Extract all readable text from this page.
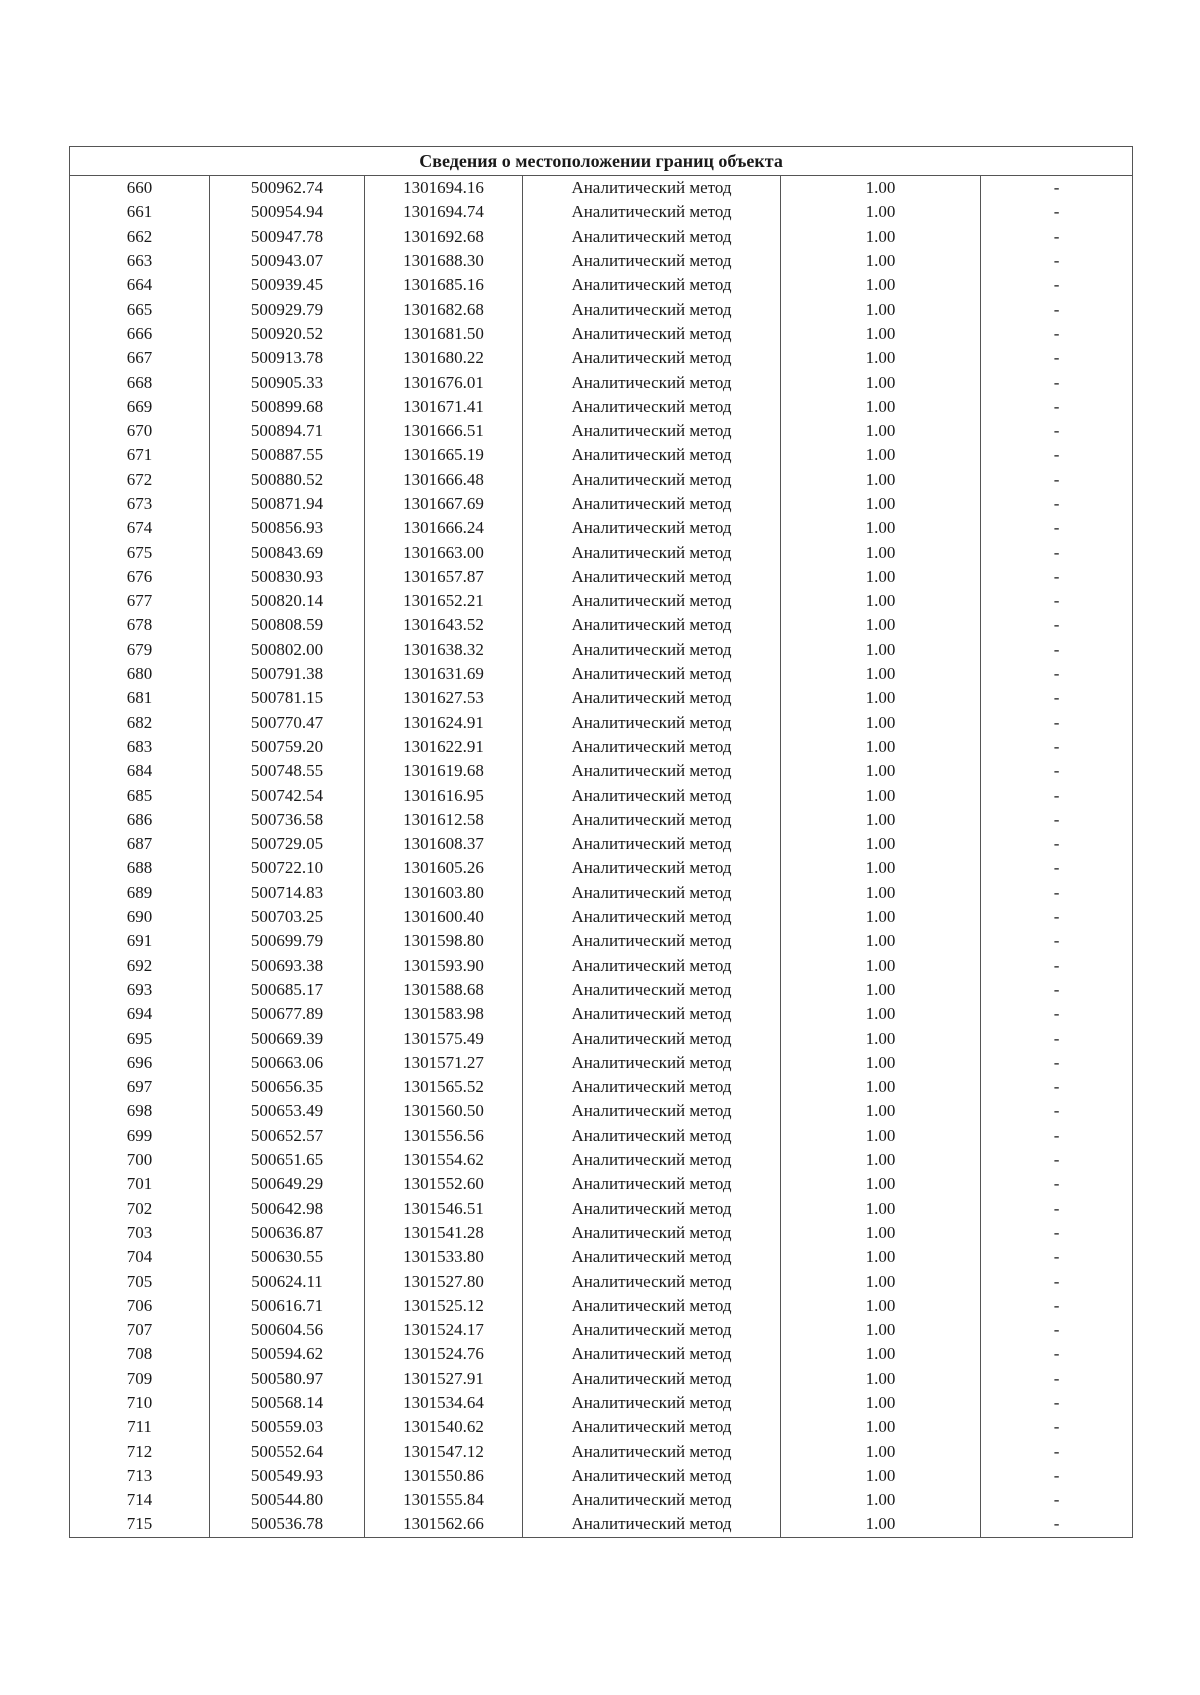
Сведения о местоположении границ объекта					
660	500962.74	1301694.16	Аналитический метод	1.00	-
661	500954.94	1301694.74	Аналитический метод	1.00	-
662	500947.78	1301692.68	Аналитический метод	1.00	-
663	500943.07	1301688.30	Аналитический метод	1.00	-
664	500939.45	1301685.16	Аналитический метод	1.00	-
665	500929.79	1301682.68	Аналитический метод	1.00	-
666	500920.52	1301681.50	Аналитический метод	1.00	-
667	500913.78	1301680.22	Аналитический метод	1.00	-
668	500905.33	1301676.01	Аналитический метод	1.00	-
669	500899.68	1301671.41	Аналитический метод	1.00	-
670	500894.71	1301666.51	Аналитический метод	1.00	-
671	500887.55	1301665.19	Аналитический метод	1.00	-
672	500880.52	1301666.48	Аналитический метод	1.00	-
673	500871.94	1301667.69	Аналитический метод	1.00	-
674	500856.93	1301666.24	Аналитический метод	1.00	-
675	500843.69	1301663.00	Аналитический метод	1.00	-
676	500830.93	1301657.87	Аналитический метод	1.00	-
677	500820.14	1301652.21	Аналитический метод	1.00	-
678	500808.59	1301643.52	Аналитический метод	1.00	-
679	500802.00	1301638.32	Аналитический метод	1.00	-
680	500791.38	1301631.69	Аналитический метод	1.00	-
681	500781.15	1301627.53	Аналитический метод	1.00	-
682	500770.47	1301624.91	Аналитический метод	1.00	-
683	500759.20	1301622.91	Аналитический метод	1.00	-
684	500748.55	1301619.68	Аналитический метод	1.00	-
685	500742.54	1301616.95	Аналитический метод	1.00	-
686	500736.58	1301612.58	Аналитический метод	1.00	-
687	500729.05	1301608.37	Аналитический метод	1.00	-
688	500722.10	1301605.26	Аналитический метод	1.00	-
689	500714.83	1301603.80	Аналитический метод	1.00	-
690	500703.25	1301600.40	Аналитический метод	1.00	-
691	500699.79	1301598.80	Аналитический метод	1.00	-
692	500693.38	1301593.90	Аналитический метод	1.00	-
693	500685.17	1301588.68	Аналитический метод	1.00	-
694	500677.89	1301583.98	Аналитический метод	1.00	-
695	500669.39	1301575.49	Аналитический метод	1.00	-
696	500663.06	1301571.27	Аналитический метод	1.00	-
697	500656.35	1301565.52	Аналитический метод	1.00	-
698	500653.49	1301560.50	Аналитический метод	1.00	-
699	500652.57	1301556.56	Аналитический метод	1.00	-
700	500651.65	1301554.62	Аналитический метод	1.00	-
701	500649.29	1301552.60	Аналитический метод	1.00	-
702	500642.98	1301546.51	Аналитический метод	1.00	-
703	500636.87	1301541.28	Аналитический метод	1.00	-
704	500630.55	1301533.80	Аналитический метод	1.00	-
705	500624.11	1301527.80	Аналитический метод	1.00	-
706	500616.71	1301525.12	Аналитический метод	1.00	-
707	500604.56	1301524.17	Аналитический метод	1.00	-
708	500594.62	1301524.76	Аналитический метод	1.00	-
709	500580.97	1301527.91	Аналитический метод	1.00	-
710	500568.14	1301534.64	Аналитический метод	1.00	-
711	500559.03	1301540.62	Аналитический метод	1.00	-
712	500552.64	1301547.12	Аналитический метод	1.00	-
713	500549.93	1301550.86	Аналитический метод	1.00	-
714	500544.80	1301555.84	Аналитический метод	1.00	-
715	500536.78	1301562.66	Аналитический метод	1.00	-
